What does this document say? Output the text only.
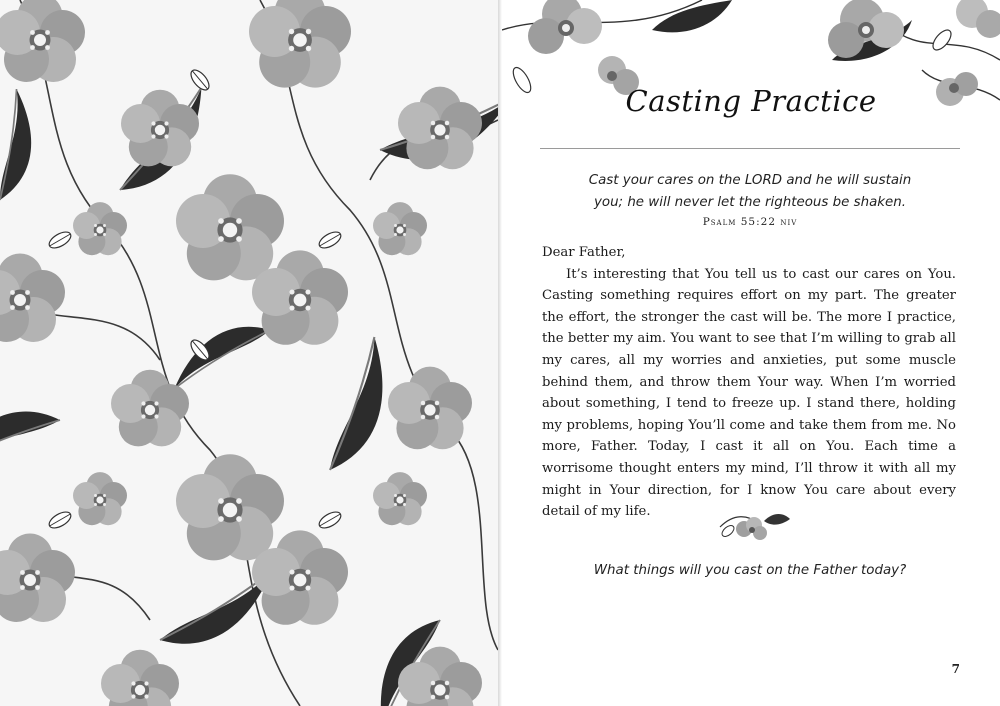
Casting Practice
Cast your cares on the LORD and he will sustain
you; he will never let the righteous be shaken.
Psalm 55:22 niv

Dear Father,

It’s interesting that You tell us to cast our cares on You. Casting something requires effort on my part. The greater the effort, the stronger the cast will be. The more I practice, the better my aim. You want to see that I’m willing to grab all my cares, all my worries and anxieties, put some muscle behind them, and throw them Your way. When I’m worried about something, I tend to freeze up. I stand there, holding my problems, hoping You’ll come and take them from me. No more, Father. Today, I cast it all on You. Each time a worrisome thought enters my mind, I’ll throw it with all my might in Your direction, for I know You care about every detail of my life.

What things will you cast on the Father today?
7
